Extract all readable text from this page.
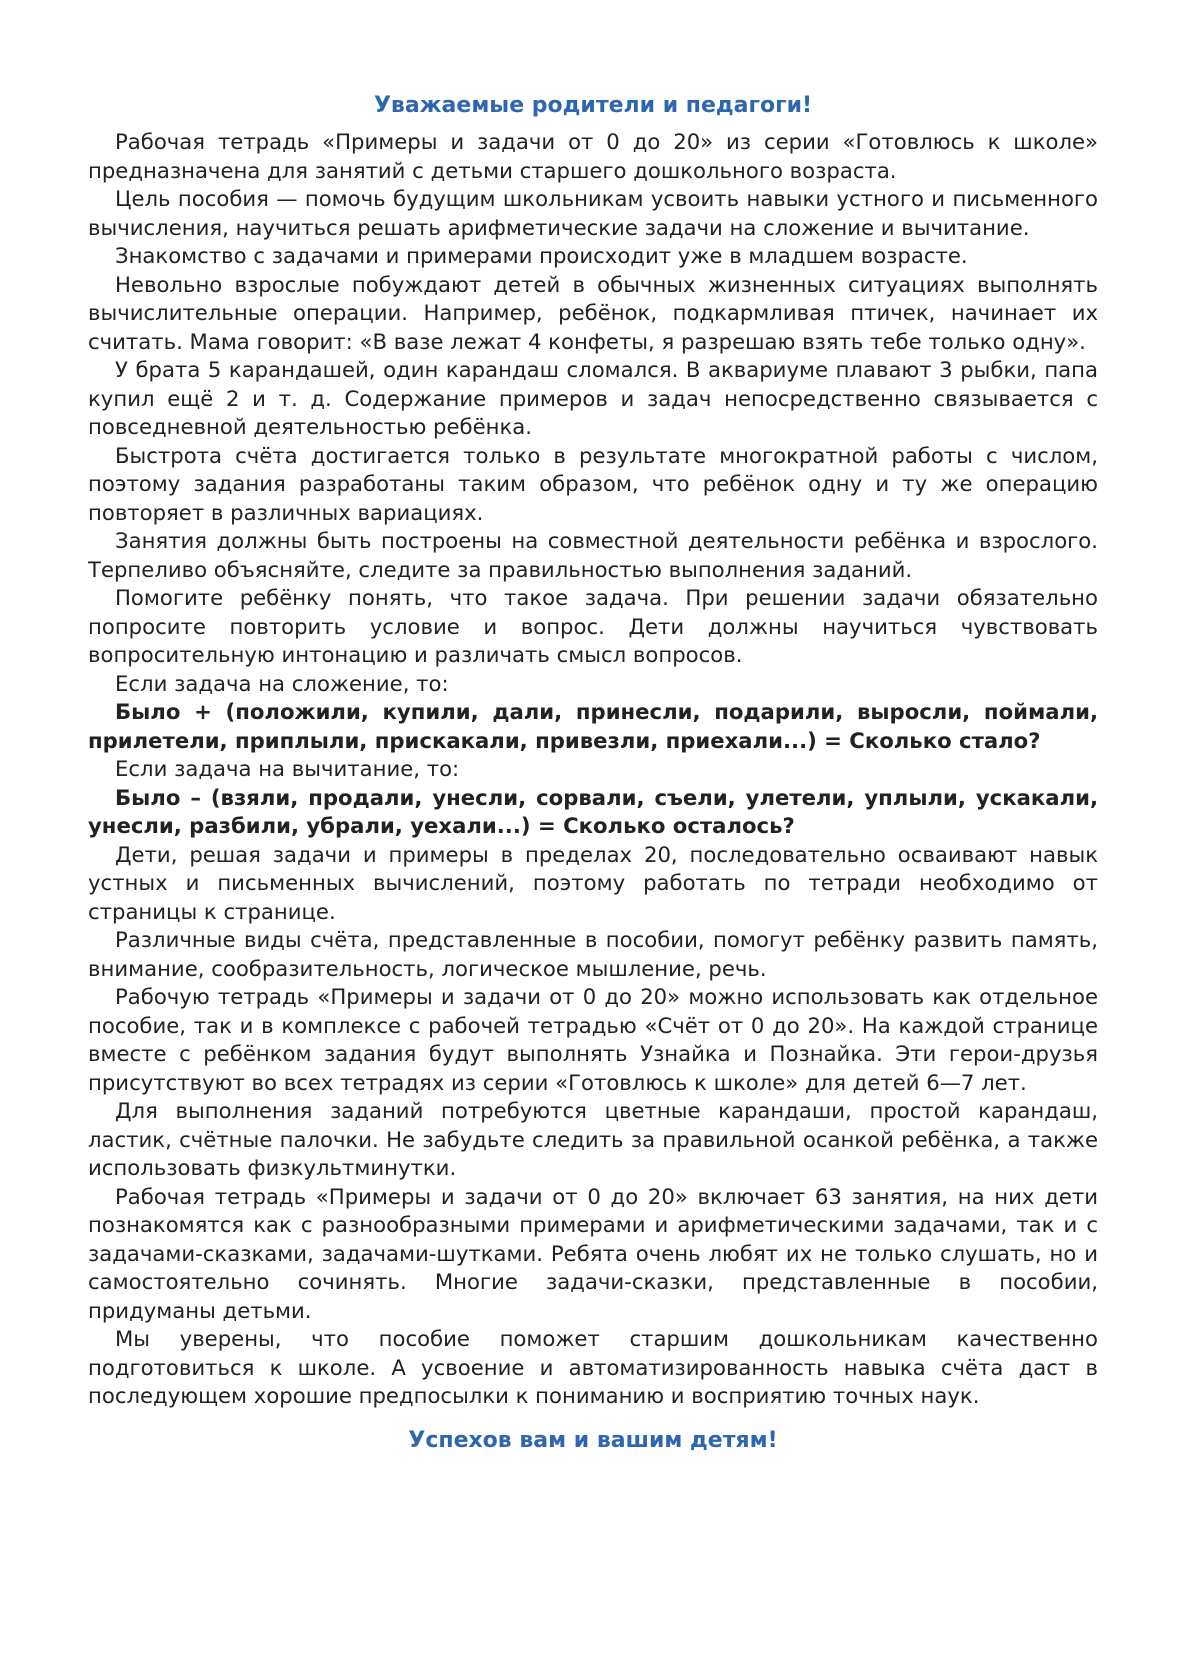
Уважаемые родители и педагоги!

Рабочая тетрадь «Примеры и задачи от 0 до 20» из серии «Готовлюсь к школе» предназначена для занятий с детьми старшего дошкольного возраста.

Цель пособия — помочь будущим школьникам усвоить навыки устного и письменного вычисления, научиться решать арифметические задачи на сложение и вычитание.

Знакомство с задачами и примерами происходит уже в младшем возрасте.

Невольно взрослые побуждают детей в обычных жизненных ситуациях выполнять вычислительные операции. Например, ребёнок, подкармливая птичек, начинает их считать. Мама говорит: «В вазе лежат 4 конфеты, я разрешаю взять тебе только одну».

У брата 5 карандашей, один карандаш сломался. В аквариуме плавают 3 рыбки, папа купил ещё 2 и т. д. Содержание примеров и задач непосредственно связывается с повседневной деятельностью ребёнка.

Быстрота счёта достигается только в результате многократной работы с числом, поэтому задания разработаны таким образом, что ребёнок одну и ту же операцию повторяет в различных вариациях.

Занятия должны быть построены на совместной деятельности ребёнка и взрослого. Терпеливо объясняйте, следите за правильностью выполнения заданий.

Помогите ребёнку понять, что такое задача. При решении задачи обязательно попросите повторить условие и вопрос. Дети должны научиться чувствовать вопросительную интонацию и различать смысл вопросов.

Если задача на сложение, то:

Было + (положили, купили, дали, принесли, подарили, выросли, поймали, прилетели, приплыли, прискакали, привезли, приехали...) = Сколько стало?

Если задача на вычитание, то:

Было – (взяли, продали, унесли, сорвали, съели, улетели, уплыли, ускакали, унесли, разбили, убрали, уехали...) = Сколько осталось?

Дети, решая задачи и примеры в пределах 20, последовательно осваивают навык устных и письменных вычислений, поэтому работать по тетради необходимо от страницы к странице.

Различные виды счёта, представленные в пособии, помогут ребёнку развить память, внимание, сообразительность, логическое мышление, речь.

Рабочую тетрадь «Примеры и задачи от 0 до 20» можно использовать как отдельное пособие, так и в комплексе с рабочей тетрадью «Счёт от 0 до 20». На каждой странице вместе с ребёнком задания будут выполнять Узнайка и Познайка. Эти герои-друзья присутствуют во всех тетрадях из серии «Готовлюсь к школе» для детей 6—7 лет.

Для выполнения заданий потребуются цветные карандаши, простой карандаш, ластик, счётные палочки. Не забудьте следить за правильной осанкой ребёнка, а также использовать физкультминутки.

Рабочая тетрадь «Примеры и задачи от 0 до 20» включает 63 занятия, на них дети познакомятся как с разнообразными примерами и арифметическими задачами, так и с задачами-сказками, задачами-шутками. Ребята очень любят их не только слушать, но и самостоятельно сочинять. Многие задачи-сказки, представленные в пособии, придуманы детьми.

Мы уверены, что пособие поможет старшим дошкольникам качественно подготовиться к школе. А усвоение и автоматизированность навыка счёта даст в последующем хорошие предпосылки к пониманию и восприятию точных наук.

Успехов вам и вашим детям!
